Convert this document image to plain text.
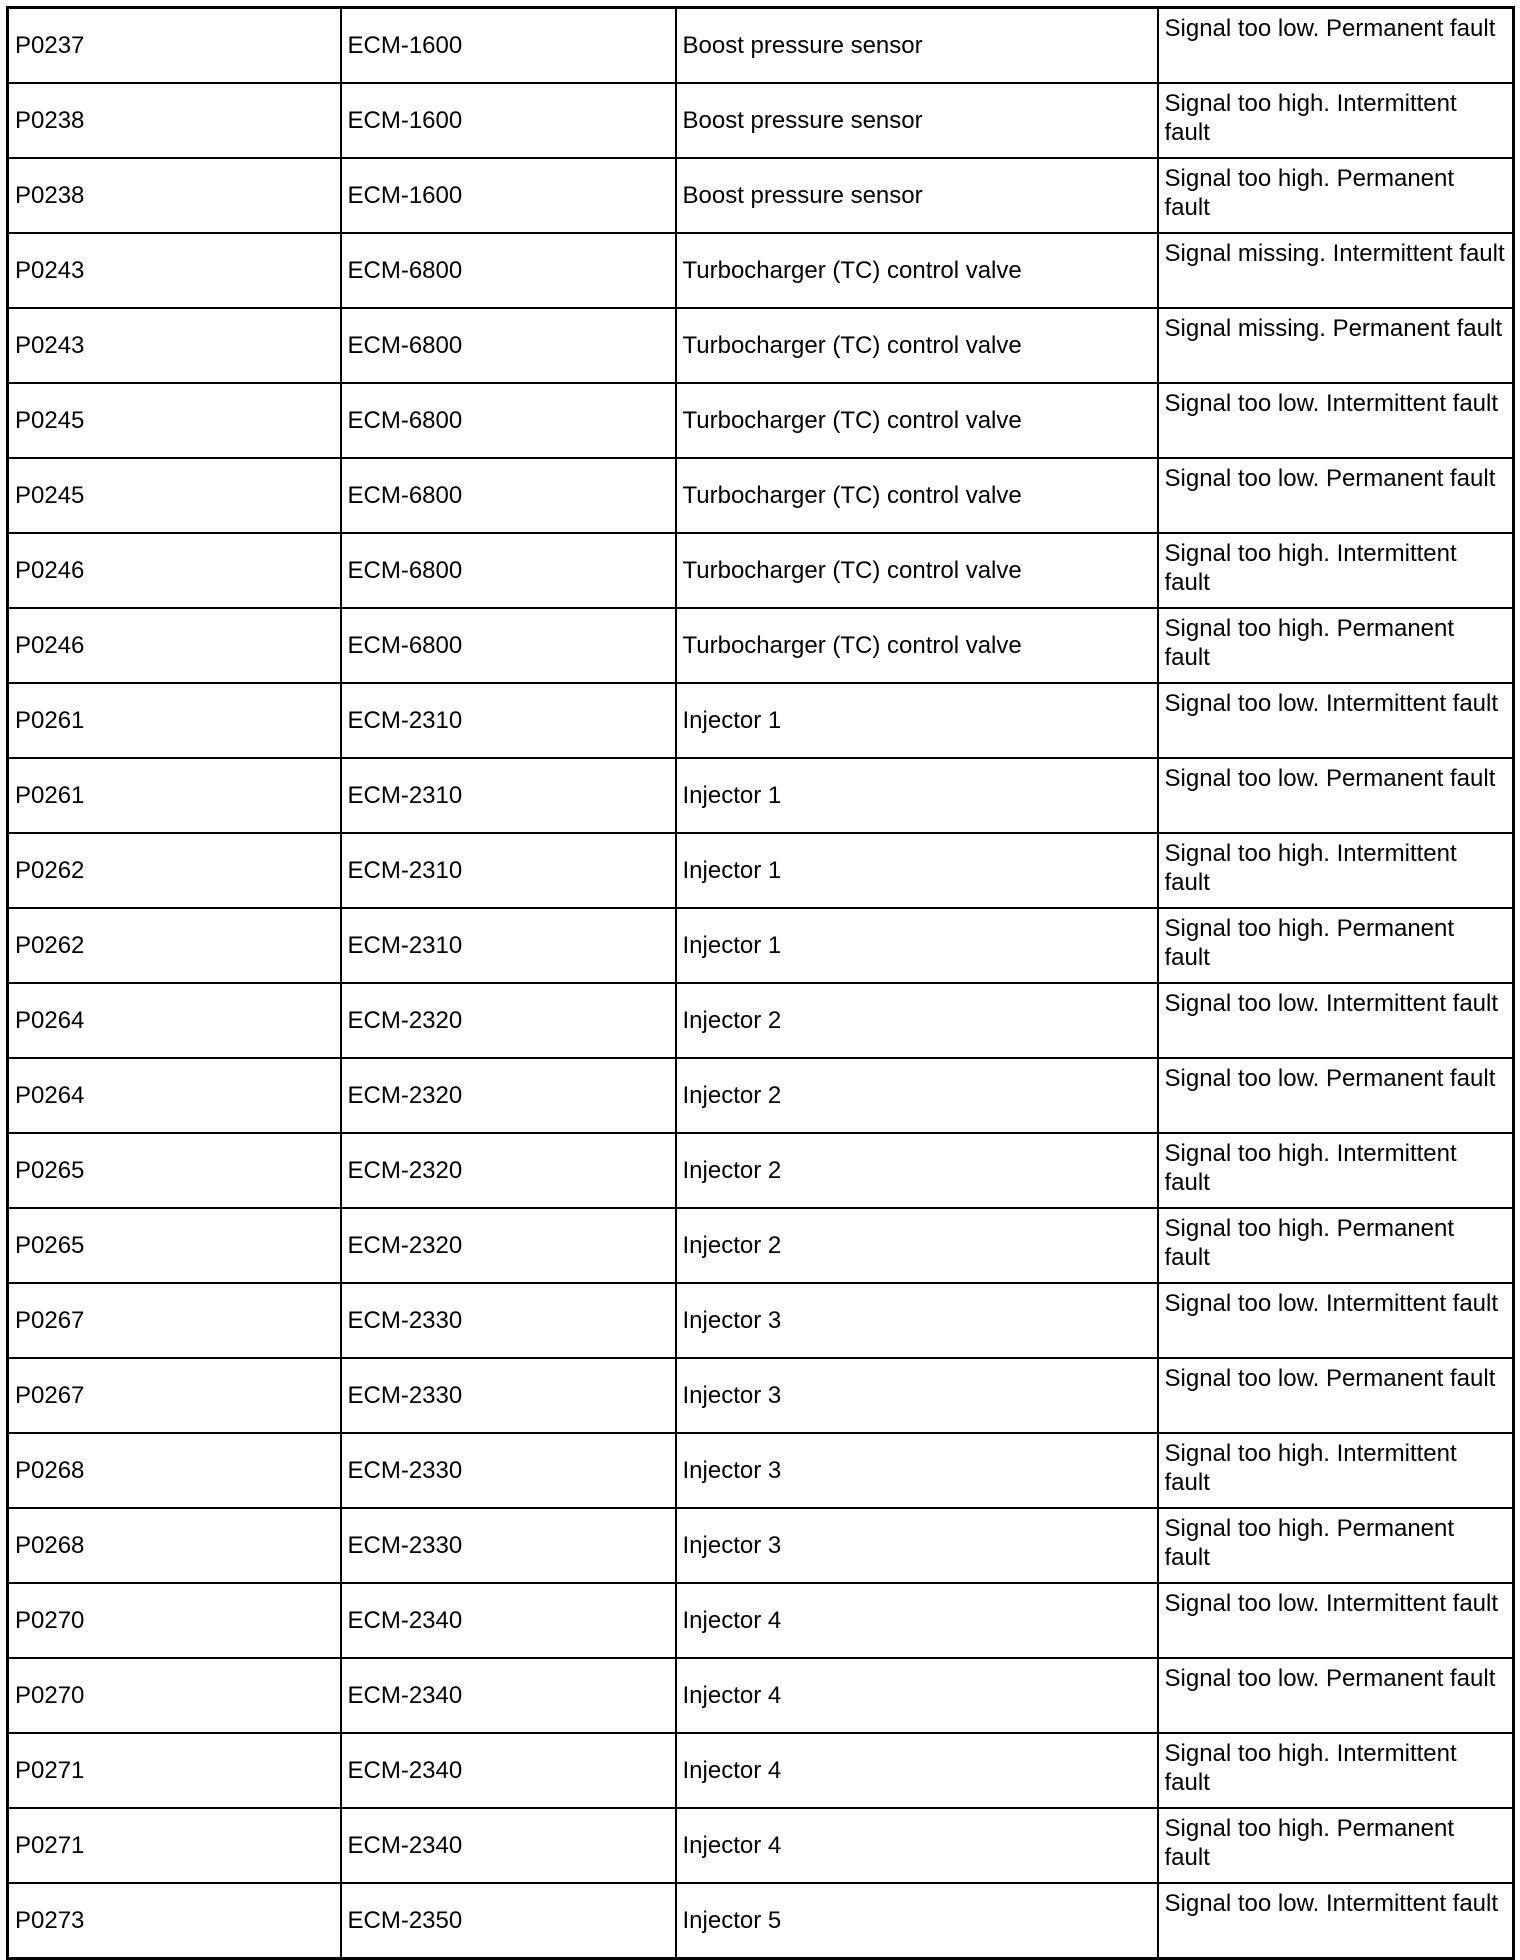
P0237	ECM-1600	Boost pressure sensor	Signal too low. Permanent fault
P0238	ECM-1600	Boost pressure sensor	Signal too high. Intermittent fault
P0238	ECM-1600	Boost pressure sensor	Signal too high. Permanent fault
P0243	ECM-6800	Turbocharger (TC) control valve	Signal missing. Intermittent fault
P0243	ECM-6800	Turbocharger (TC) control valve	Signal missing. Permanent fault
P0245	ECM-6800	Turbocharger (TC) control valve	Signal too low. Intermittent fault
P0245	ECM-6800	Turbocharger (TC) control valve	Signal too low. Permanent fault
P0246	ECM-6800	Turbocharger (TC) control valve	Signal too high. Intermittent fault
P0246	ECM-6800	Turbocharger (TC) control valve	Signal too high. Permanent fault
P0261	ECM-2310	Injector 1	Signal too low. Intermittent fault
P0261	ECM-2310	Injector 1	Signal too low. Permanent fault
P0262	ECM-2310	Injector 1	Signal too high. Intermittent fault
P0262	ECM-2310	Injector 1	Signal too high. Permanent fault
P0264	ECM-2320	Injector 2	Signal too low. Intermittent fault
P0264	ECM-2320	Injector 2	Signal too low. Permanent fault
P0265	ECM-2320	Injector 2	Signal too high. Intermittent fault
P0265	ECM-2320	Injector 2	Signal too high. Permanent fault
P0267	ECM-2330	Injector 3	Signal too low. Intermittent fault
P0267	ECM-2330	Injector 3	Signal too low. Permanent fault
P0268	ECM-2330	Injector 3	Signal too high. Intermittent fault
P0268	ECM-2330	Injector 3	Signal too high. Permanent fault
P0270	ECM-2340	Injector 4	Signal too low. Intermittent fault
P0270	ECM-2340	Injector 4	Signal too low. Permanent fault
P0271	ECM-2340	Injector 4	Signal too high. Intermittent fault
P0271	ECM-2340	Injector 4	Signal too high. Permanent fault
P0273	ECM-2350	Injector 5	Signal too low. Intermittent fault
